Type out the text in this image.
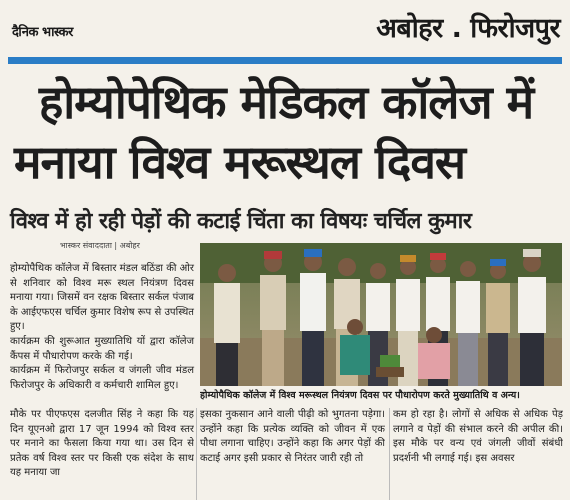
दैनिक भास्कर	अबोहर . फिरोजपुर
होम्योपेथिक मेडिकल कॉलेज में
मनाया विश्व मरूस्थल दिवस
विश्व में हो रही पेड़ों की कटाई चिंता का विषयः चर्चिल कुमार
भास्कर संवाददाता | अबोहर

होम्योपैथिक कॉलेज में बिस्तार मंडल बठिंडा की ओर से शनिवार को विश्व मरू स्थल नियंत्रण दिवस मनाया गया। जिसमें वन रक्षक बिस्तार सर्कल पंजाब के आईएफएस चर्चिल कुमार विशेष रूप से उपस्थित हुए।

कार्यक्रम की शुरूआत मुख्यातिथि यों द्वारा कॉलेज कैंपस में पौधारोपण करके की गई।

कार्यक्रम में फिरोजपुर सर्कल व जंगली जीव मंडल फिरोजपुर के अधिकारी व कर्मचारी शामिल हुए।

होम्योपैथिक कॉलेज में विश्व मरूस्थल नियंत्रण दिवस पर पौधारोपण करते मुख्यातिथि व अन्य।
मौके पर पीएफएस दलजीत सिंह ने कहा कि यह दिन यूएनओ द्वारा 17 जून 1994 को विश्व स्तर पर मनाने का फैसला किया गया था। उस दिन से प्रतेक वर्ष विश्व स्तर पर किसी एक संदेश के साथ यह मनाया जा
इसका नुकसान आने वाली पीढ़ी को भुगतना पड़ेगा। उन्होंने कहा कि प्रत्येक व्यक्ति को जीवन में एक पौधा लगाना चाहिए। उन्होंने कहा कि अगर पेड़ों की कटाई अगर इसी प्रकार से निरंतर जारी रही तो
कम हो रहा है। लोगों से अधिक से अधिक पेड़ लगाने व पेड़ों की संभाल करने की अपील की। इस मौके पर वन्य एवं जंगली जीवों संबंधी प्रदर्शनी भी लगाई गई। इस अवसर
